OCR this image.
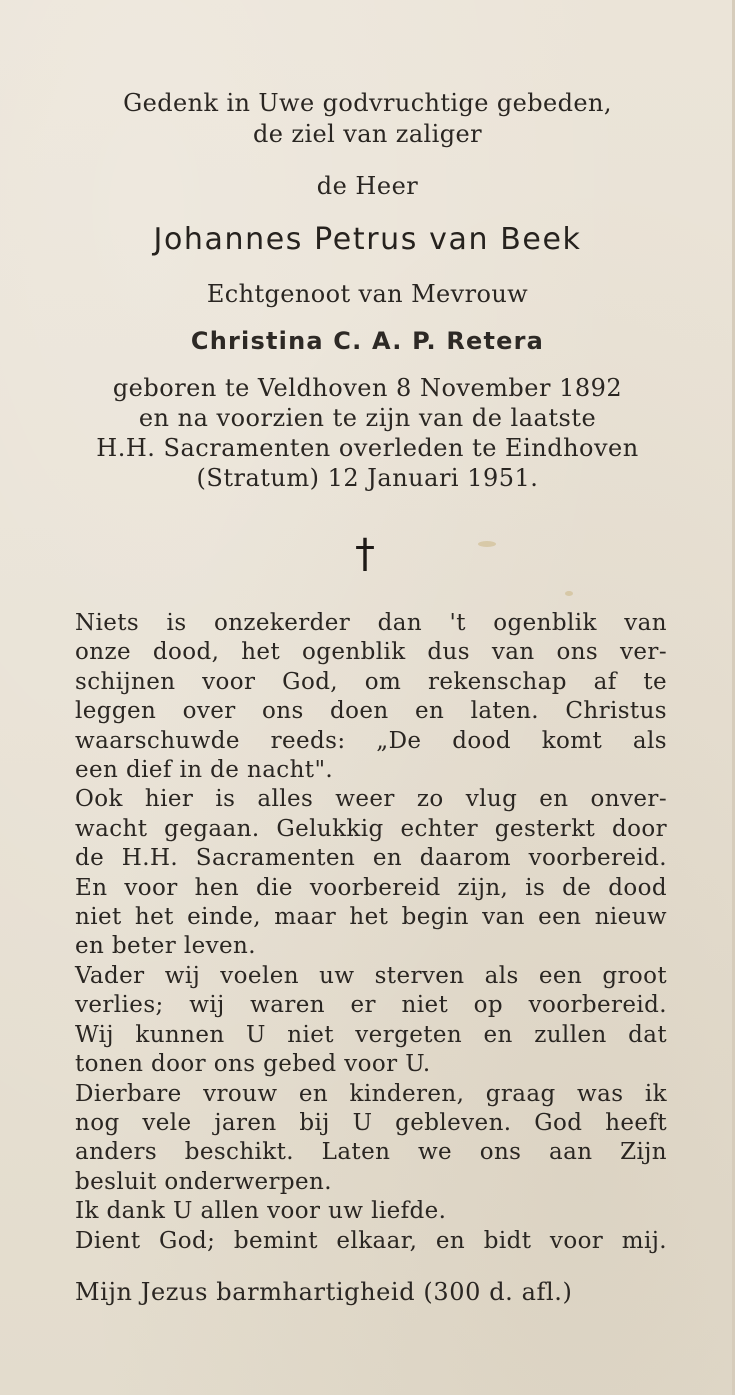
Gedenk in Uwe godvruchtige gebeden,
de ziel van zaliger
de Heer
Johannes Petrus van Beek
Echtgenoot van Mevrouw
Christina C. A. P. Retera
geboren te Veldhoven 8 November 1892
en na voorzien te zijn van de laatste
H.H. Sacramenten overleden te Eindhoven
(Stratum) 12 Januari 1951.
†
Niets is onzekerder dan 't ogenblik van
onze dood, het ogenblik dus van ons ver-
schijnen voor God, om rekenschap af te
leggen over ons doen en laten. Christus
waarschuwde reeds: „De dood komt als
een dief in de nacht".
Ook hier is alles weer zo vlug en onver-
wacht gegaan. Gelukkig echter gesterkt door
de H.H. Sacramenten en daarom voorbereid.
En voor hen die voorbereid zijn, is de dood
niet het einde, maar het begin van een nieuw
en beter leven.
Vader wij voelen uw sterven als een groot
verlies; wij waren er niet op voorbereid.
Wij kunnen U niet vergeten en zullen dat
tonen door ons gebed voor U.
Dierbare vrouw en kinderen, graag was ik
nog vele jaren bij U gebleven. God heeft
anders beschikt. Laten we ons aan Zijn
besluit onderwerpen.
Ik dank U allen voor uw liefde.
Dient God; bemint elkaar, en bidt voor mij.
Mijn Jezus barmhartigheid (300 d. afl.)
